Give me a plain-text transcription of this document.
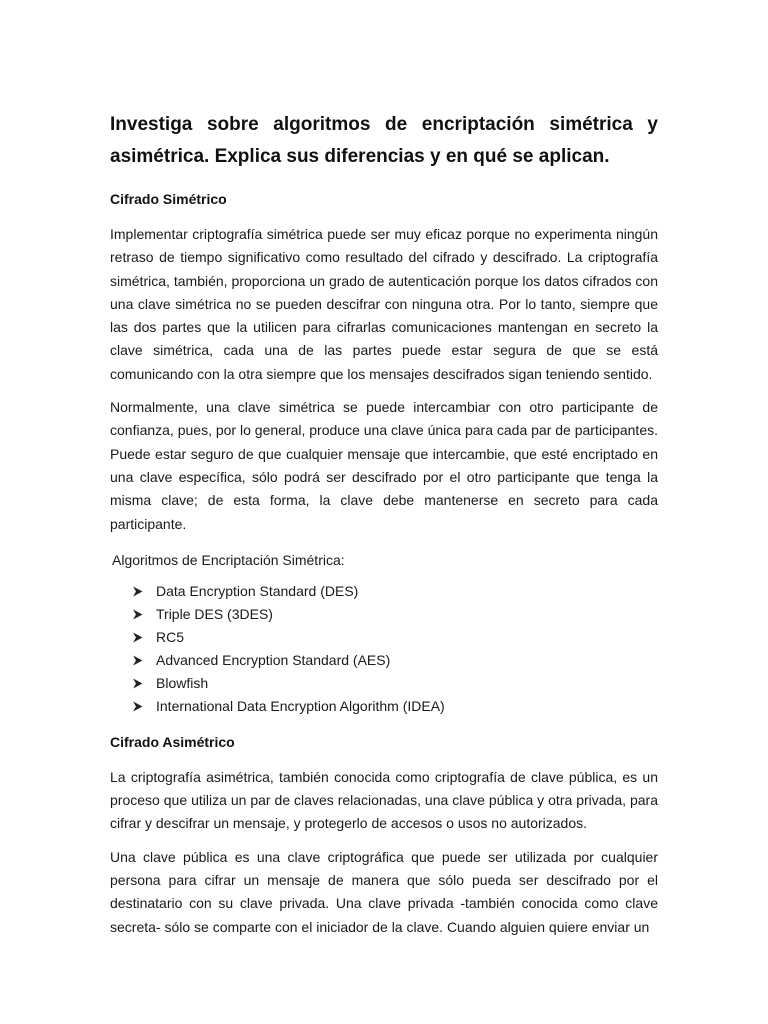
Investiga sobre algoritmos de encriptación simétrica y asimétrica. Explica sus diferencias y en qué se aplican.
Cifrado Simétrico

Implementar criptografía simétrica puede ser muy eficaz porque no experimenta ningún retraso de tiempo significativo como resultado del cifrado y descifrado. La criptografía simétrica, también, proporciona un grado de autenticación porque los datos cifrados con una clave simétrica no se pueden descifrar con ninguna otra. Por lo tanto, siempre que las dos partes que la utilicen para cifrarlas comunicaciones mantengan en secreto la clave simétrica, cada una de las partes puede estar segura de que se está comunicando con la otra siempre que los mensajes descifrados sigan teniendo sentido.

Normalmente, una clave simétrica se puede intercambiar con otro participante de confianza, pues, por lo general, produce una clave única para cada par de participantes. Puede estar seguro de que cualquier mensaje que intercambie, que esté encriptado en una clave específica, sólo podrá ser descifrado por el otro participante que tenga la misma clave; de esta forma, la clave debe mantenerse en secreto para cada participante.

Algoritmos de Encriptación Simétrica:

Data Encryption Standard (DES)
Triple DES (3DES)
RC5
Advanced Encryption Standard (AES)
Blowfish
International Data Encryption Algorithm (IDEA)
Cifrado Asimétrico

La criptografía asimétrica, también conocida como criptografía de clave pública, es un proceso que utiliza un par de claves relacionadas, una clave pública y otra privada, para cifrar y descifrar un mensaje, y protegerlo de accesos o usos no autorizados.

Una clave pública es una clave criptográfica que puede ser utilizada por cualquier persona para cifrar un mensaje de manera que sólo pueda ser descifrado por el destinatario con su clave privada. Una clave privada -también conocida como clave secreta- sólo se comparte con el iniciador de la clave. Cuando alguien quiere enviar un
